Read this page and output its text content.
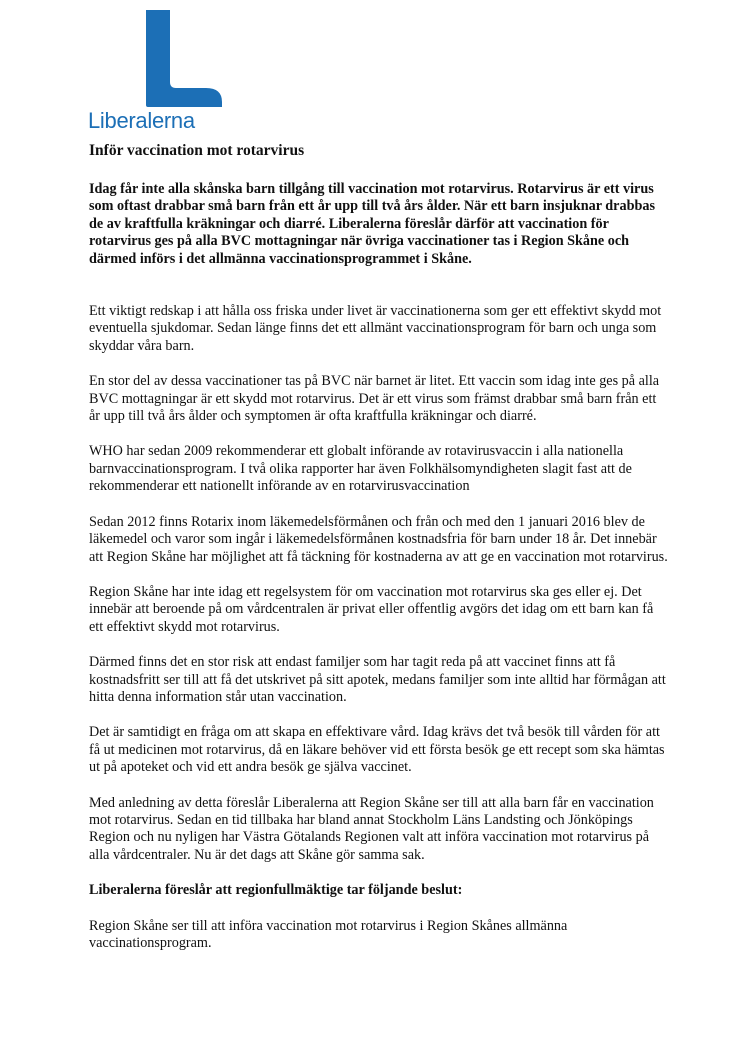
Liberalerna
Inför vaccination mot rotarvirus

Idag får inte alla skånska barn tillgång till vaccination mot rotarvirus. Rotarvirus är ett virus som oftast drabbar små barn från ett år upp till två års ålder. När ett barn insjuknar drabbas de av kraftfulla kräkningar och diarré. Liberalerna föreslår därför att vaccination för rotarvirus ges på alla BVC mottagningar när övriga vaccinationer tas i Region Skåne och därmed införs i det allmänna vaccinationsprogrammet i Skåne.

Ett viktigt redskap i att hålla oss friska under livet är vaccinationerna som ger ett effektivt skydd mot eventuella sjukdomar. Sedan länge finns det ett allmänt vaccinationsprogram för barn och unga som skyddar våra barn.

En stor del av dessa vaccinationer tas på BVC när barnet är litet. Ett vaccin som idag inte ges på alla BVC mottagningar är ett skydd mot rotarvirus. Det är ett virus som främst drabbar små barn från ett år upp till två års ålder och symptomen är ofta kraftfulla kräkningar och diarré.

WHO har sedan 2009 rekommenderar ett globalt införande av rotavirusvaccin i alla nationella barnvaccinationsprogram. I två olika rapporter har även Folkhälsomyndigheten slagit fast att de rekommenderar ett nationellt införande av en rotarvirusvaccination

Sedan 2012 finns Rotarix inom läkemedelsförmånen och från och med den 1 januari 2016 blev de läkemedel och varor som ingår i läkemedelsförmånen kostnadsfria för barn under 18 år. Det innebär att Region Skåne har möjlighet att få täckning för kostnaderna av att ge en vaccination mot rotarvirus.

Region Skåne har inte idag ett regelsystem för om vaccination mot rotarvirus ska ges eller ej. Det innebär att beroende på om vårdcentralen är privat eller offentlig avgörs det idag om ett barn kan få ett effektivt skydd mot rotarvirus.

Därmed finns det en stor risk att endast familjer som har tagit reda på att vaccinet finns att få kostnadsfritt ser till att få det utskrivet på sitt apotek, medans familjer som inte alltid har förmågan att hitta denna information står utan vaccination.

Det är samtidigt en fråga om att skapa en effektivare vård. Idag krävs det två besök till vården för att få ut medicinen mot rotarvirus, då en läkare behöver vid ett första besök ge ett recept som ska hämtas ut på apoteket och vid ett andra besök ge själva vaccinet.

Med anledning av detta föreslår Liberalerna att Region Skåne ser till att alla barn får en vaccination mot rotarvirus. Sedan en tid tillbaka har bland annat Stockholm Läns Landsting och Jönköpings Region och nu nyligen har Västra Götalands Regionen valt att införa vaccination mot rotarvirus på alla vårdcentraler. Nu är det dags att Skåne gör samma sak.

Liberalerna föreslår att regionfullmäktige tar följande beslut:

Region Skåne ser till att införa vaccination mot rotarvirus i Region Skånes allmänna vaccinationsprogram.
